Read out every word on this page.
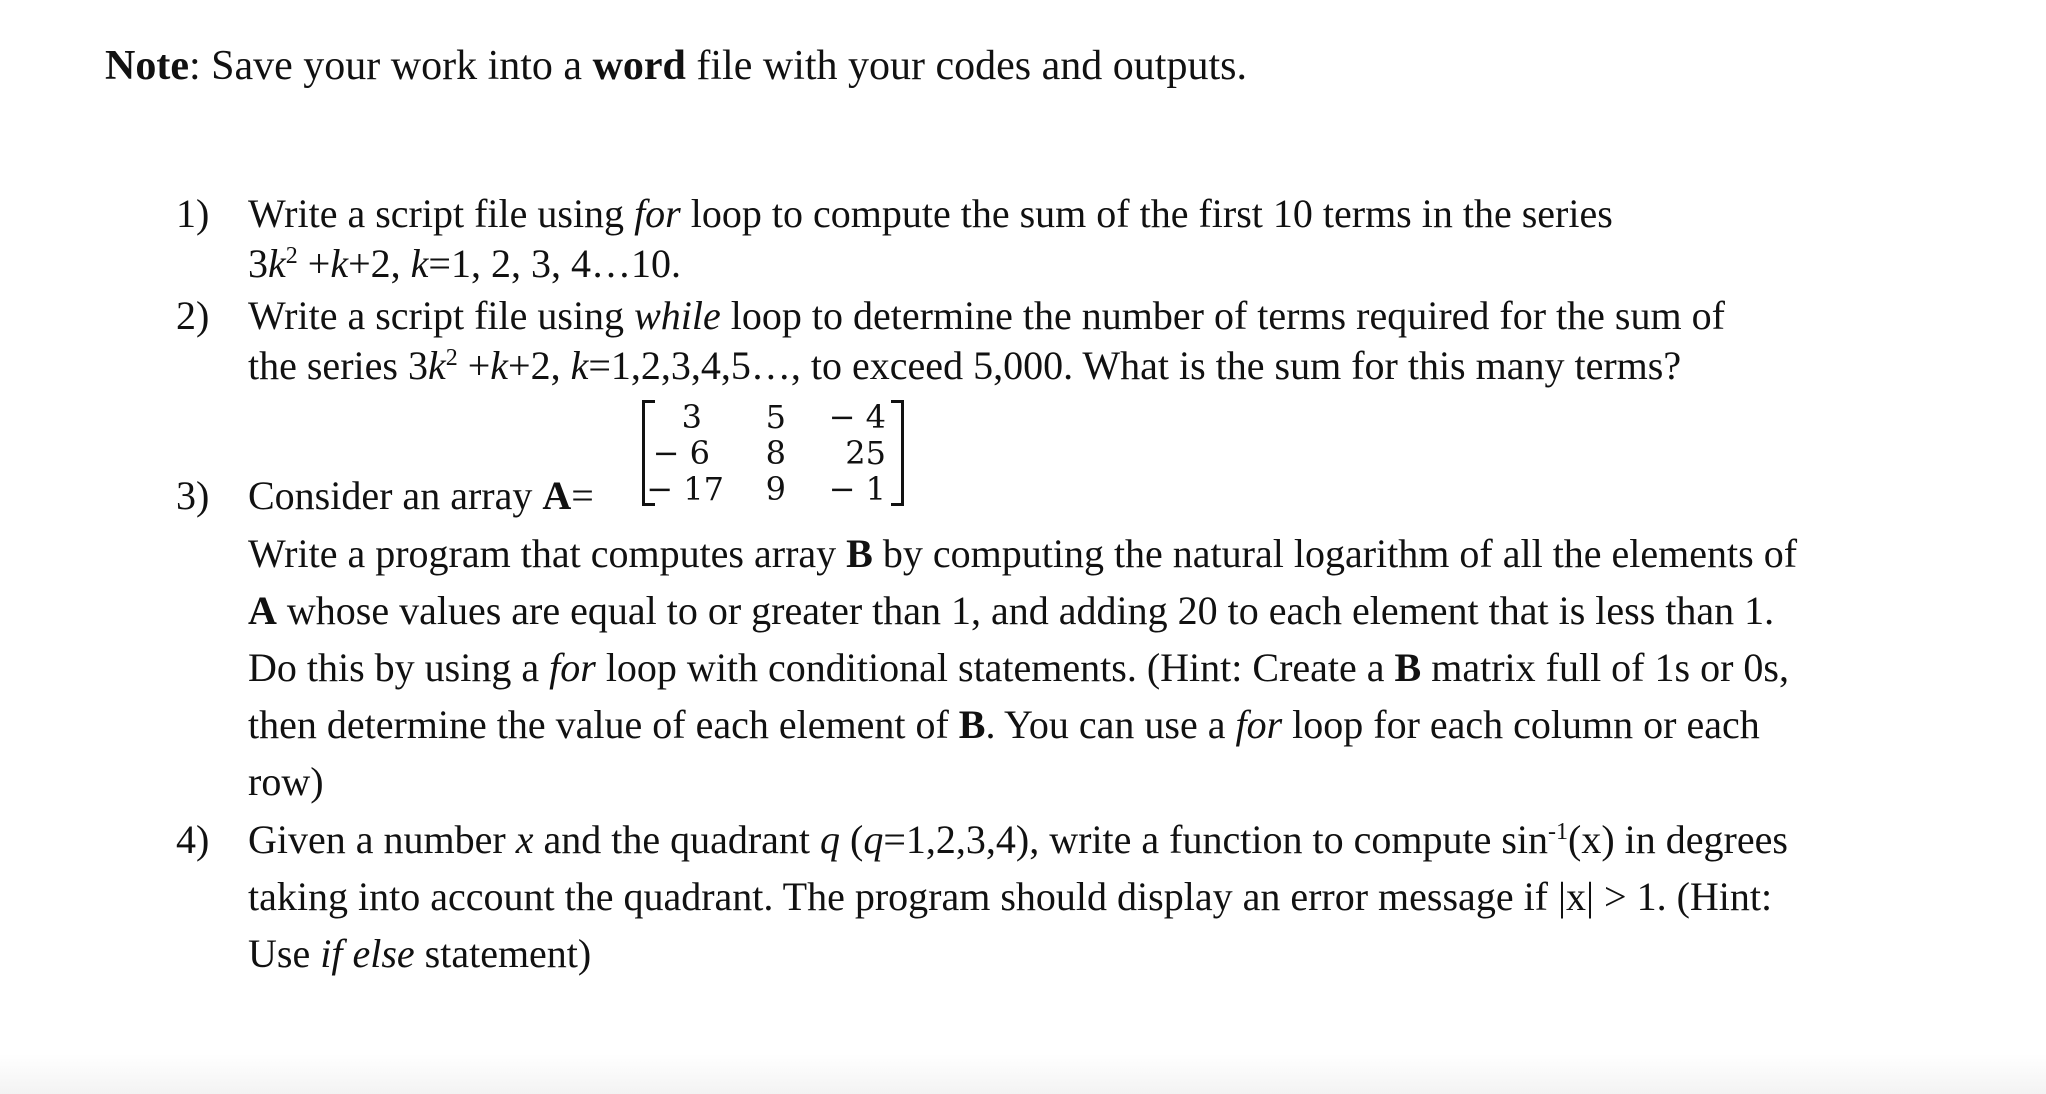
Note: Save your work into a word file with your codes and outputs.
1) Write a script file using for loop to compute the sum of the first 10 terms in the series
$3k^2 +k+2$, k=1, 2, 3, 4…10.
2) Write a script file using while loop to determine the number of terms required for the sum of
the series $3k^2 +k+2$, k=1,2,3,4,5…, to exceed 5,000. What is the sum for this many terms?
3) Consider an array A=
3 5 − 4
− 6 8 25
− 17 9 − 1
Write a program that computes array B by computing the natural logarithm of all the elements of
A whose values are equal to or greater than 1, and adding 20 to each element that is less than 1.
Do this by using a for loop with conditional statements. (Hint: Create a B matrix full of 1s or 0s,
then determine the value of each element of B. You can use a for loop for each column or each
row)
4) Given a number x and the quadrant q (q=1,2,3,4), write a function to compute $\sin^{-1}(x)$ in degrees
taking into account the quadrant. The program should display an error message if |x| > 1. (Hint:
Use if else statement)
